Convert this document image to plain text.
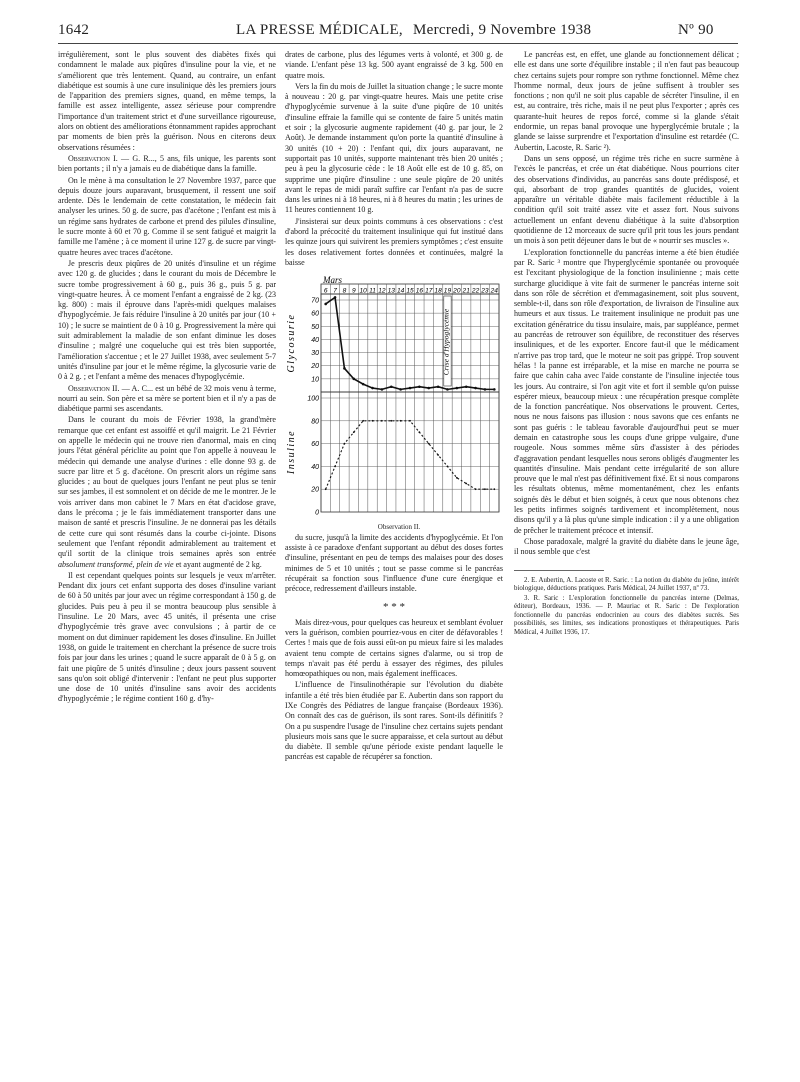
1642	LA PRESSE MÉDICALE, Mercredi, 9 Novembre 1938	Nº 90

irrégulièrement, sont le plus souvent des diabètes fixés qui condamnent le malade aux piqûres d'insuline pour la vie, et ne s'améliorent que très lentement. Quand, au contraire, un enfant diabétique est soumis à une cure insulinique dès les premiers jours de l'apparition des premiers signes, quand, en même temps, la famille est assez intelligente, assez sérieuse pour comprendre l'importance d'un traitement strict et d'une surveillance rigoureuse, alors on obtient des améliorations étonnamment rapides approchant par moments de bien près la guérison. Nous en citerons deux observations résumées :

Observation I. — G. R..., 5 ans, fils unique, les parents sont bien portants ; il n'y a jamais eu de diabétique dans la famille.

On le mène à ma consultation le 27 Novembre 1937, parce que depuis douze jours auparavant, brusquement, il ressent une soif ardente. Dès le lendemain de cette constatation, le médecin fait analyser les urines. 50 g. de sucre, pas d'acétone ; l'enfant est mis à un régime sans hydrates de carbone et prend des pilules d'insuline, le sucre monte à 60 et 70 g. Comme il se sent fatigué et maigrit la famille me l'amène ; à ce moment il urine 127 g. de sucre par vingt-quatre heures avec traces d'acétone.

Je prescris deux piqûres de 20 unités d'insuline et un régime avec 120 g. de glucides ; dans le courant du mois de Décembre le sucre tombe progressivement à 60 g., puis 36 g., puis 5 g. par vingt-quatre heures. À ce moment l'enfant a engraissé de 2 kg. (23 kg. 800) : mais il éprouve dans l'après-midi quelques malaises d'hypoglycémie. Je fais réduire l'insuline à 20 unités par jour (10 + 10) ; le sucre se maintient de 0 à 10 g. Progressivement la mère qui suit admirablement la maladie de son enfant diminue les doses d'insuline ; malgré une coqueluche qui est très bien supportée, l'amélioration s'accentue ; et le 27 Juillet 1938, avec seulement 5-7 unités d'insuline par jour et le même régime, la glycosurie varie de 0 à 2 g. ; et l'enfant a même des menaces d'hypoglycémie.

Observation II. — A. C... est un bébé de 32 mois venu à terme, nourri au sein. Son père et sa mère se portent bien et il n'y a pas de diabétique parmi ses ascendants.

Dans le courant du mois de Février 1938, la grand'mère remarque que cet enfant est assoiffé et qu'il maigrit. Le 21 Février on appelle le médecin qui ne trouve rien d'anormal, mais en cinq jours l'état général périclite au point que l'on appelle à nouveau le médecin qui demande une analyse d'urines : elle donne 93 g. de sucre par litre et 5 g. d'acétone. On prescrit alors un régime sans glucides ; au bout de quelques jours l'enfant ne peut plus se tenir sur ses jambes, il est somnolent et on décide de me le montrer. Je le vois arriver dans mon cabinet le 7 Mars en état d'acidose grave, dans le précoma ; je le fais immédiatement transporter dans une maison de santé et prescris l'insuline. Je ne donnerai pas les détails de cette cure qui sont résumés dans la courbe ci-jointe. Disons seulement que l'enfant répondit admirablement au traitement et qu'il sortit de la clinique trois semaines après son entrée absolument transformé, plein de vie et ayant augmenté de 2 kg.

Il est cependant quelques points sur lesquels je veux m'arrêter. Pendant dix jours cet enfant supporta des doses d'insuline variant de 60 à 50 unités par jour avec un régime correspondant à 150 g. de glucides. Puis peu à peu il se montra beaucoup plus sensible à l'insuline. Le 20 Mars, avec 45 unités, il présenta une crise d'hypoglycémie très grave avec convulsions ; à partir de ce moment on dut diminuer rapidement les doses d'insuline. En Juillet 1938, on guide le traitement en cherchant la présence de sucre trois fois par jour dans les urines ; quand le sucre apparaît de 0 à 5 g. on fait une piqûre de 5 unités d'insuline ; deux jours passent souvent sans qu'on soit obligé d'intervenir : l'enfant ne peut plus supporter une dose de 10 unités d'insuline sans avoir des accidents d'hypoglycémie ; le régime contient 160 g. d'hy-

drates de carbone, plus des légumes verts à volonté, et 300 g. de viande. L'enfant pèse 13 kg. 500 ayant engraissé de 3 kg. 500 en quatre mois.

Vers la fin du mois de Juillet la situation change ; le sucre monte à nouveau : 20 g. par vingt-quatre heures. Mais une petite crise d'hypoglycémie survenue à la suite d'une piqûre de 10 unités d'insuline effraie la famille qui se contente de faire 5 unités matin et soir ; la glycosurie augmente rapidement (40 g. par jour, le 2 Août). Je demande instamment qu'on porte la quantité d'insuline à 30 unités (10 + 20) : l'enfant qui, dix jours auparavant, ne supportait pas 10 unités, supporte maintenant très bien 20 unités ; peu à peu la glycosurie cède : le 18 Août elle est de 10 g. 85, on supprime une piqûre d'insuline : une seule piqûre de 20 unités avant le repas de midi paraît suffire car l'enfant n'a pas de sucre dans les urines ni à 18 heures, ni à 8 heures du matin ; les urines de 11 heures contiennent 10 g.

J'insisterai sur deux points communs à ces observations : c'est d'abord la précocité du traitement insulinique qui fut institué dans les quinze jours qui suivirent les premiers symptômes ; c'est ensuite les doses relativement fortes données et continuées, malgré la baisse

Mars
6 7 8 9 10 11 12 13 14 15 16 17 18 19 20 21 22 23 24
10
20
30
40
50
60
70
Glycosurie
0
20
40
60
80
100
Insuline
Crise d'Hypoglycémie

Observation II.

du sucre, jusqu'à la limite des accidents d'hypoglycémie. Et l'on assiste à ce paradoxe d'enfant supportant au début des doses fortes d'insuline, présentant en peu de temps des malaises pour des doses minimes de 5 et 10 unités ; tout se passe comme si le pancréas récupérait sa fonction sous l'influence d'une cure énergique et précoce, redressement d'ailleurs instable.

* * *

Mais direz-vous, pour quelques cas heureux et semblant évoluer vers la guérison, combien pourriez-vous en citer de défavorables ! Certes ! mais que de fois aussi eût-on pu mieux faire si les malades avaient tenu compte de certains signes d'alarme, ou si trop de temps n'avait pas été perdu à essayer des régimes, des pilules homœopathiques ou non, mais également inefficaces.

L'influence de l'insulinothérapie sur l'évolution du diabète infantile a été très bien étudiée par E. Aubertin dans son rapport du IXe Congrès des Pédiatres de langue française (Bordeaux 1936). On connaît des cas de guérison, ils sont rares. Sont-ils définitifs ? On a pu suspendre l'usage de l'insuline chez certains sujets pendant plusieurs mois sans que le sucre apparaisse, et cela surtout au début du diabète. Il semble qu'une période existe pendant laquelle le pancréas est capable de récupérer sa fonction.

Le pancréas est, en effet, une glande au fonctionnement délicat ; elle est dans une sorte d'équilibre instable ; il n'en faut pas beaucoup chez certains sujets pour rompre son rythme fonctionnel. Même chez l'homme normal, deux jours de jeûne suffisent à troubler ses fonctions ; non qu'il ne soit plus capable de sécréter l'insuline, il en est, au contraire, très riche, mais il ne peut plus l'exporter ; après ces quarante-huit heures de repos forcé, comme si la glande s'était endormie, un repas banal provoque une hyperglycémie brutale ; la glande se laisse surprendre et l'exportation d'insuline est retardée (C. Aubertin, Lacoste, R. Saric ²).

Dans un sens opposé, un régime très riche en sucre surmène à l'excès le pancréas, et crée un état diabétique. Nous pourrions citer des observations d'individus, au pancréas sans doute prédisposé, et qui, absorbant de trop grandes quantités de glucides, voient apparaître un véritable diabète mais facilement réductible à la condition qu'il soit traité assez vite et assez fort. Nous suivons actuellement un enfant devenu diabétique à la suite d'absorption quotidienne de 12 morceaux de sucre qu'il prit tous les jours pendant un mois à son petit déjeuner dans le but de « nourrir ses muscles ».

L'exploration fonctionnelle du pancréas interne a été bien étudiée par R. Saric ³ montre que l'hyperglycémie spontanée ou provoquée est l'excitant physiologique de la fonction insulinienne ; mais cette surcharge glucidique à vite fait de surmener le pancréas interne soit dans son rôle de sécrétion et d'emmagasinement, soit plus souvent, semble-t-il, dans son rôle d'exportation, de livraison de l'insuline aux humeurs et aux tissus. Le traitement insulinique ne produit pas une excitation génératrice du tissu insulaire, mais, par suppléance, permet au pancréas de retrouver son équilibre, de reconstituer des réserves insuliniques, et de les exporter. Encore faut-il que le médicament n'arrive pas trop tard, que le moteur ne soit pas grippé. Trop souvent hélas ! la panne est irréparable, et la mise en marche ne pourra se faire que cahin caha avec l'aide constante de l'insuline injectée tous les jours. Au contraire, si l'on agit vite et fort il semble qu'on puisse espérer mieux, beaucoup mieux : une récupération presque complète de la fonction pancréatique. Nos observations le prouvent. Certes, nous ne nous faisons pas illusion : nous savons que ces enfants ne sont pas guéris : le tableau favorable d'aujourd'hui peut se muer demain en catastrophe sous les coups d'une grippe vulgaire, d'une rougeole. Nous sommes même sûrs d'assister à des périodes d'aggravation pendant lesquelles nous serons obligés d'augmenter les quantités d'insuline. Mais pendant cette irrégularité de son allure prouve que le mal n'est pas définitivement fixé. Et si nous comparons les résultats obtenus, même momentanément, chez les enfants soignés dès le début et bien soignés, à ceux que nous obtenons chez les petits infirmes soignés tardivement et incomplètement, nous disons qu'il y a là plus qu'une simple indication : il y a une obligation de prêcher le traitement précoce et intensif.

Chose paradoxale, malgré la gravité du diabète dans le jeune âge, il nous semble que c'est

2. E. Aubertin, A. Lacoste et R. Saric. : La notion du diabète du jeûne, intérêt biologique, déductions pratiques. Paris Médical, 24 Juillet 1937, nº 73.

3. R. Saric : L'exploration fonctionnelle du pancréas interne (Delmas, éditeur), Bordeaux, 1936. — P. Mauriac et R. Saric : De l'exploration fonctionnelle du pancréas endocrinien au cours des diabètes sucrés. Ses possibilités, ses limites, ses indications pronostiques et thérapeutiques. Paris Médical, 4 Juillet 1936, 17.
